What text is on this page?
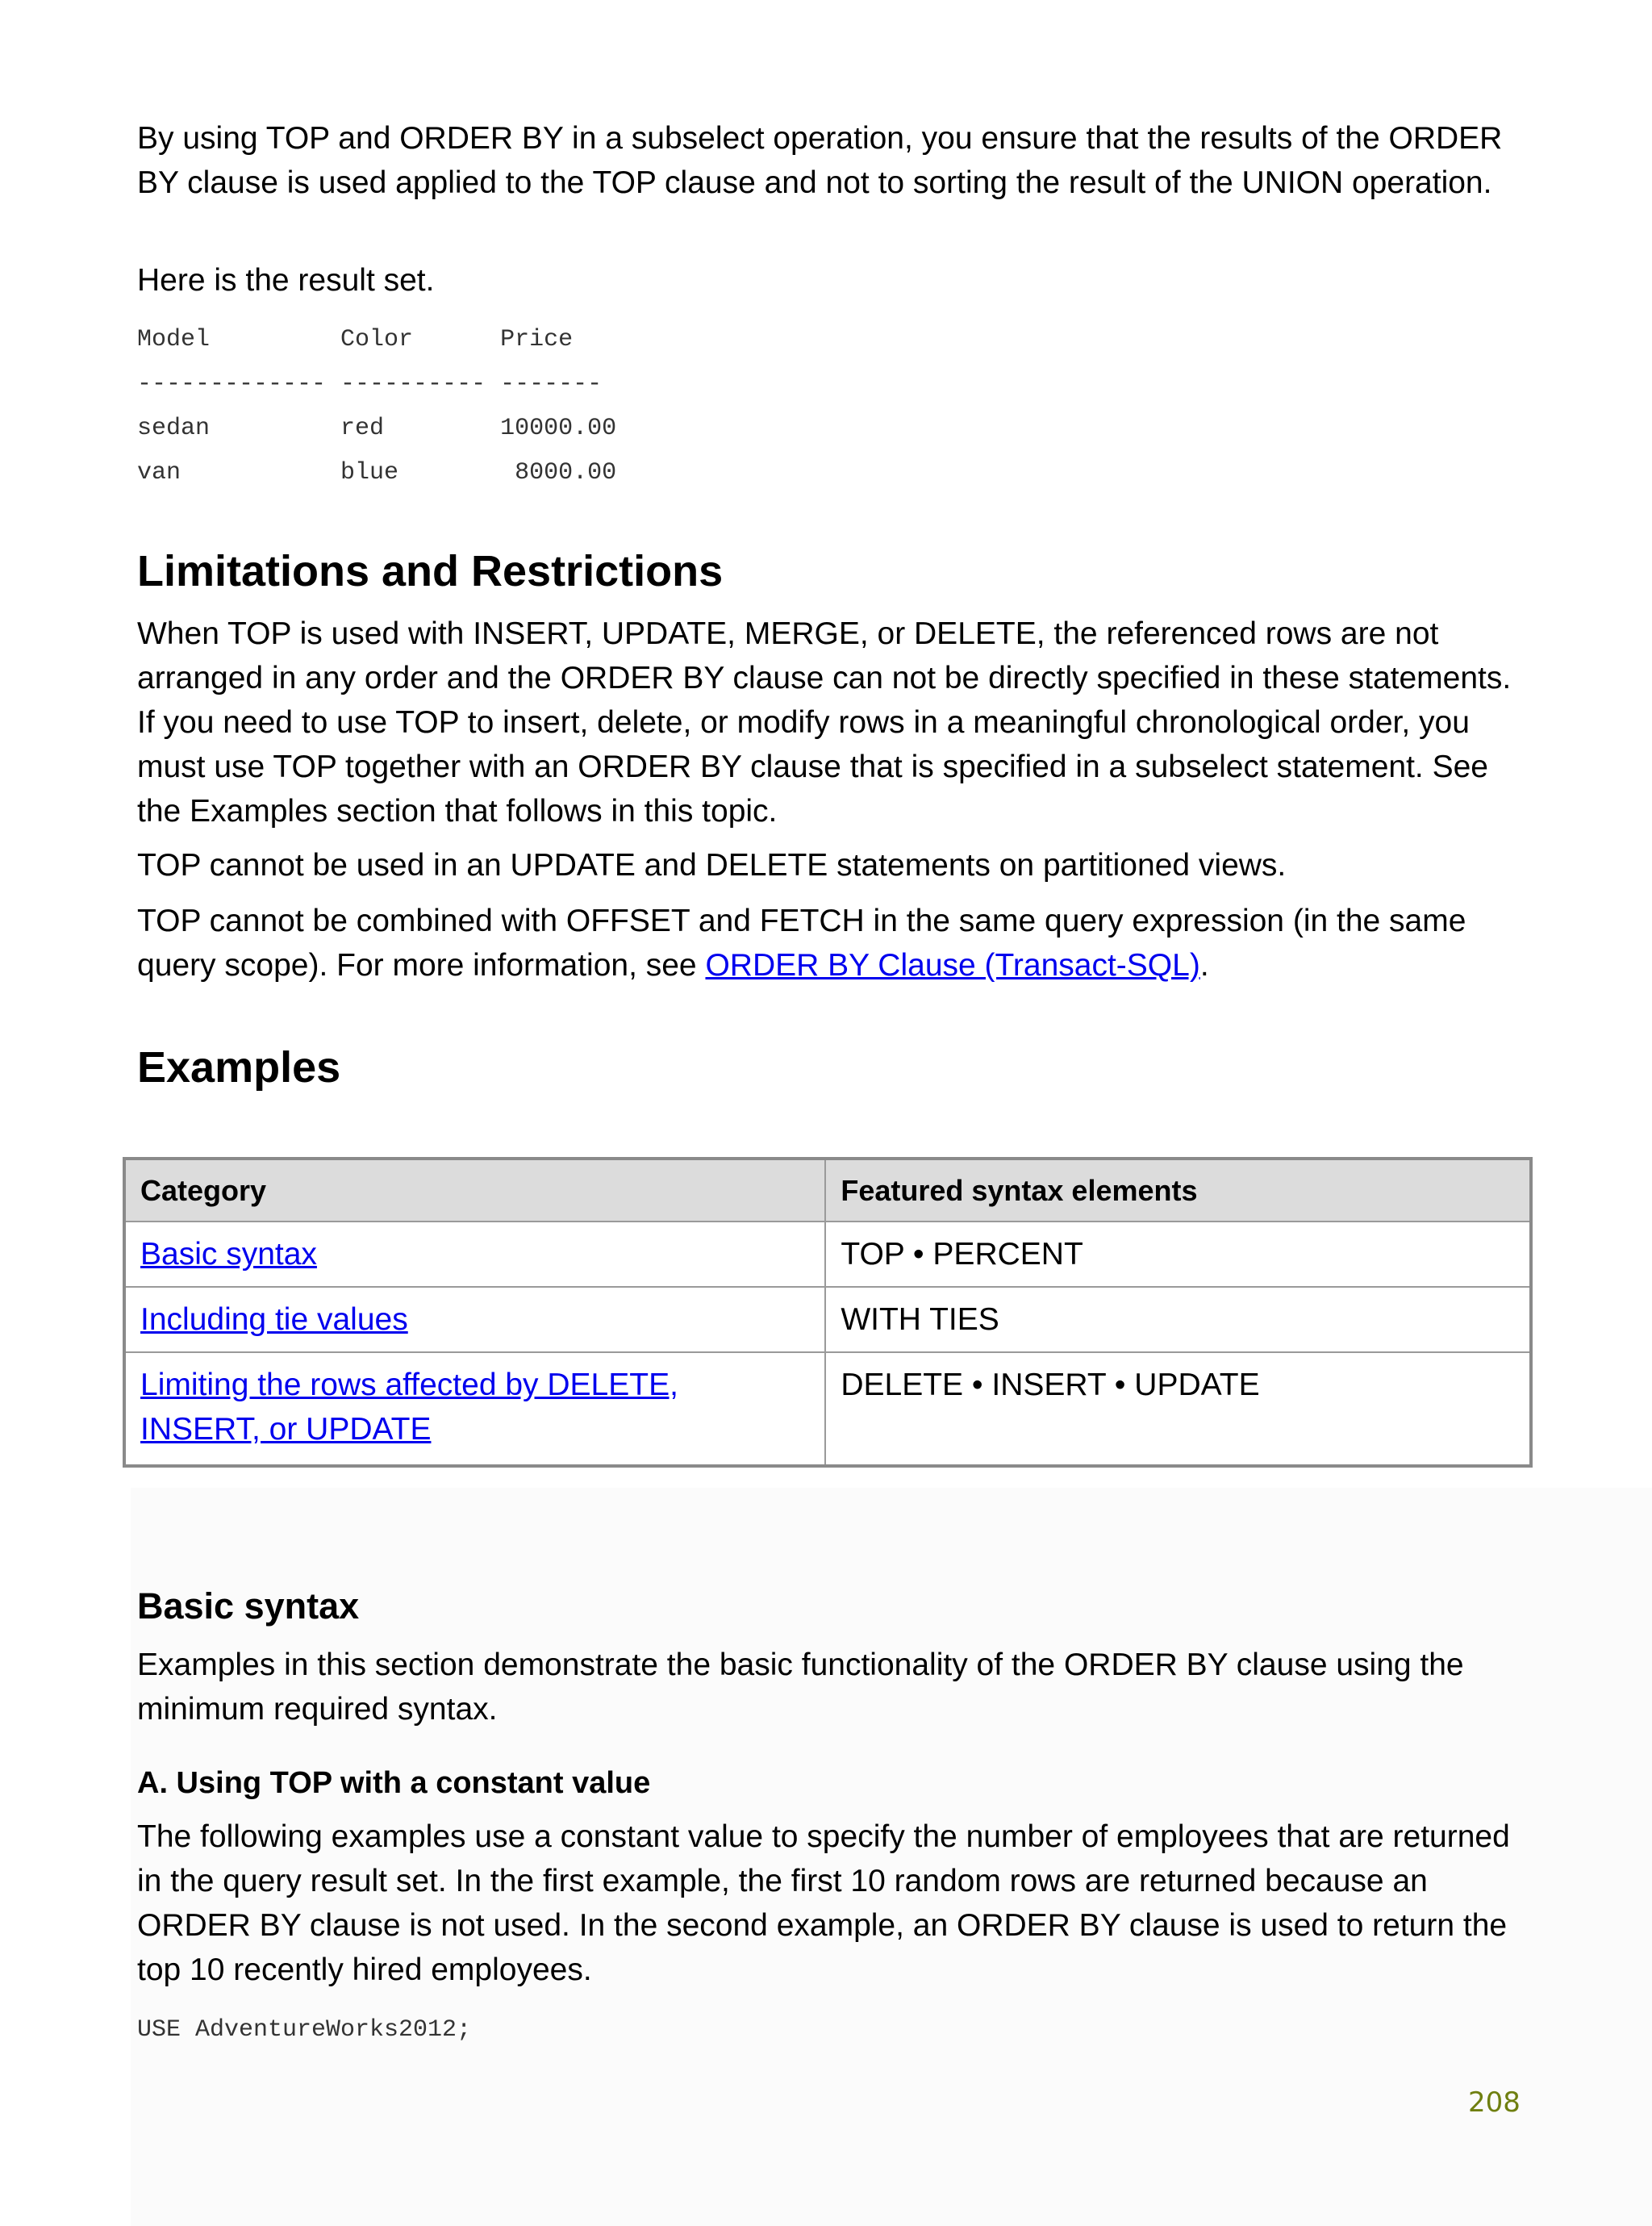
By using TOP and ORDER BY in a subselect operation, you ensure that the results of the ORDER BY clause is used applied to the TOP clause and not to sorting the result of the UNION operation.

Here is the result set.

Model         Color      Price

------------- ---------- -------

sedan         red        10000.00

van           blue        8000.00

Limitations and Restrictions

When TOP is used with INSERT, UPDATE, MERGE, or DELETE, the referenced rows are not arranged in any order and the ORDER BY clause can not be directly specified in these statements. If you need to use TOP to insert, delete, or modify rows in a meaningful chronological order, you must use TOP together with an ORDER BY clause that is specified in a subselect statement. See the Examples section that follows in this topic.

TOP cannot be used in an UPDATE and DELETE statements on partitioned views.

TOP cannot be combined with OFFSET and FETCH in the same query expression (in the same query scope). For more information, see ORDER BY Clause (Transact-SQL).

Examples
Category	Featured syntax elements
Basic syntax	TOP • PERCENT
Including tie values	WITH TIES
Limiting the rows affected by DELETE, INSERT, or UPDATE	DELETE • INSERT • UPDATE
Basic syntax

Examples in this section demonstrate the basic functionality of the ORDER BY clause using the minimum required syntax.

A. Using TOP with a constant value

The following examples use a constant value to specify the number of employees that are returned in the query result set. In the first example, the first 10 random rows are returned because an ORDER BY clause is not used. In the second example, an ORDER BY clause is used to return the top 10 recently hired employees.

USE AdventureWorks2012;

208
